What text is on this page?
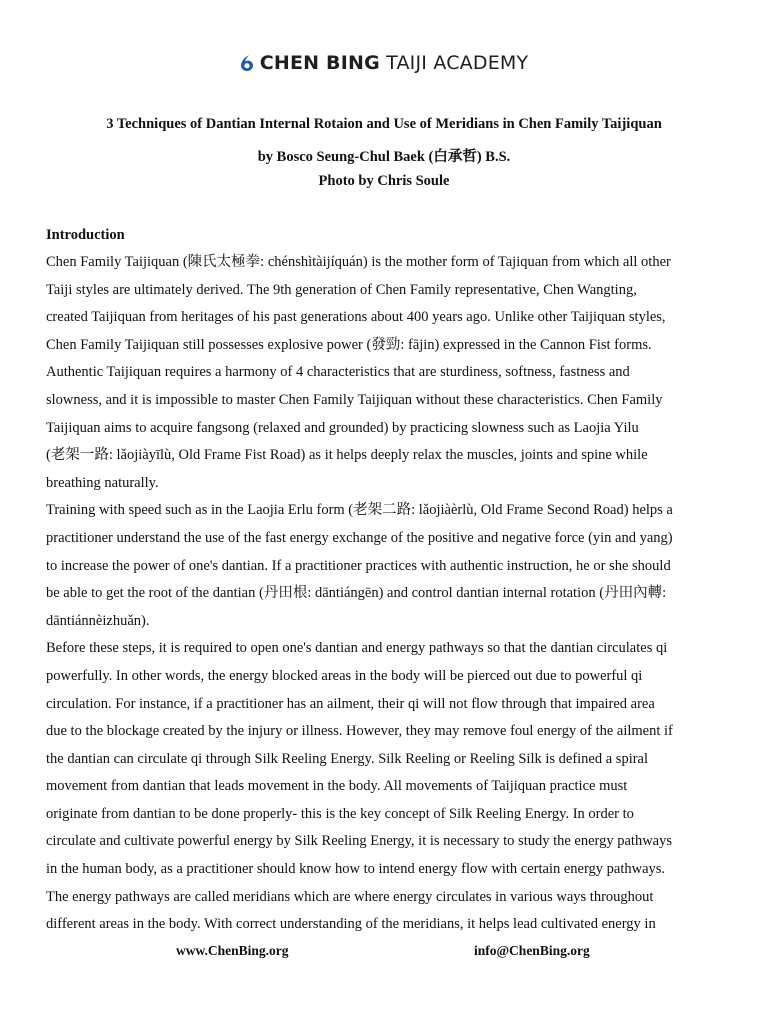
CHEN BING TAIJI ACADEMY
3 Techniques of Dantian Internal Rotaion and Use of Meridians in Chen Family Taijiquan
by Bosco Seung-Chul Baek (白承哲) B.S.
Photo by Chris Soule
Introduction
Chen Family Taijiquan (陳氏太極拳: chénshìtàijíquán) is the mother form of Tajiquan from which all other
Taiji styles are ultimately derived. The 9th generation of Chen Family representative, Chen Wangting,
created Taijiquan from heritages of his past generations about 400 years ago. Unlike other Taijiquan styles,
Chen Family Taijiquan still possesses explosive power (發勁: fājin) expressed in the Cannon Fist forms.
Authentic Taijiquan requires a harmony of 4 characteristics that are sturdiness, softness, fastness and
slowness, and it is impossible to master Chen Family Taijiquan without these characteristics. Chen Family
Taijiquan aims to acquire fangsong (relaxed and grounded) by practicing slowness such as Laojia Yilu
(老架一路: lǎojiàyīlù, Old Frame Fist Road) as it helps deeply relax the muscles, joints and spine while
breathing naturally.
Training with speed such as in the Laojia Erlu form (老架二路: lǎojiàèrlù, Old Frame Second Road) helps a
practitioner understand the use of the fast energy exchange of the positive and negative force (yin and yang)
to increase the power of one's dantian. If a practitioner practices with authentic instruction, he or she should
be able to get the root of the dantian (丹田根: dāntiángēn) and control dantian internal rotation (丹田內轉:
dāntiánnèizhuǎn).
Before these steps, it is required to open one's dantian and energy pathways so that the dantian circulates qi
powerfully. In other words, the energy blocked areas in the body will be pierced out due to powerful qi
circulation. For instance, if a practitioner has an ailment, their qi will not flow through that impaired area
due to the blockage created by the injury or illness. However, they may remove foul energy of the ailment if
the dantian can circulate qi through Silk Reeling Energy. Silk Reeling or Reeling Silk is defined a spiral
movement from dantian that leads movement in the body. All movements of Taijiquan practice must
originate from dantian to be done properly- this is the key concept of Silk Reeling Energy. In order to
circulate and cultivate powerful energy by Silk Reeling Energy, it is necessary to study the energy pathways
in the human body, as a practitioner should know how to intend energy flow with certain energy pathways.
The energy pathways are called meridians which are where energy circulates in various ways throughout
different areas in the body. With correct understanding of the meridians, it helps lead cultivated energy in
www.ChenBing.org	info@ChenBing.org
